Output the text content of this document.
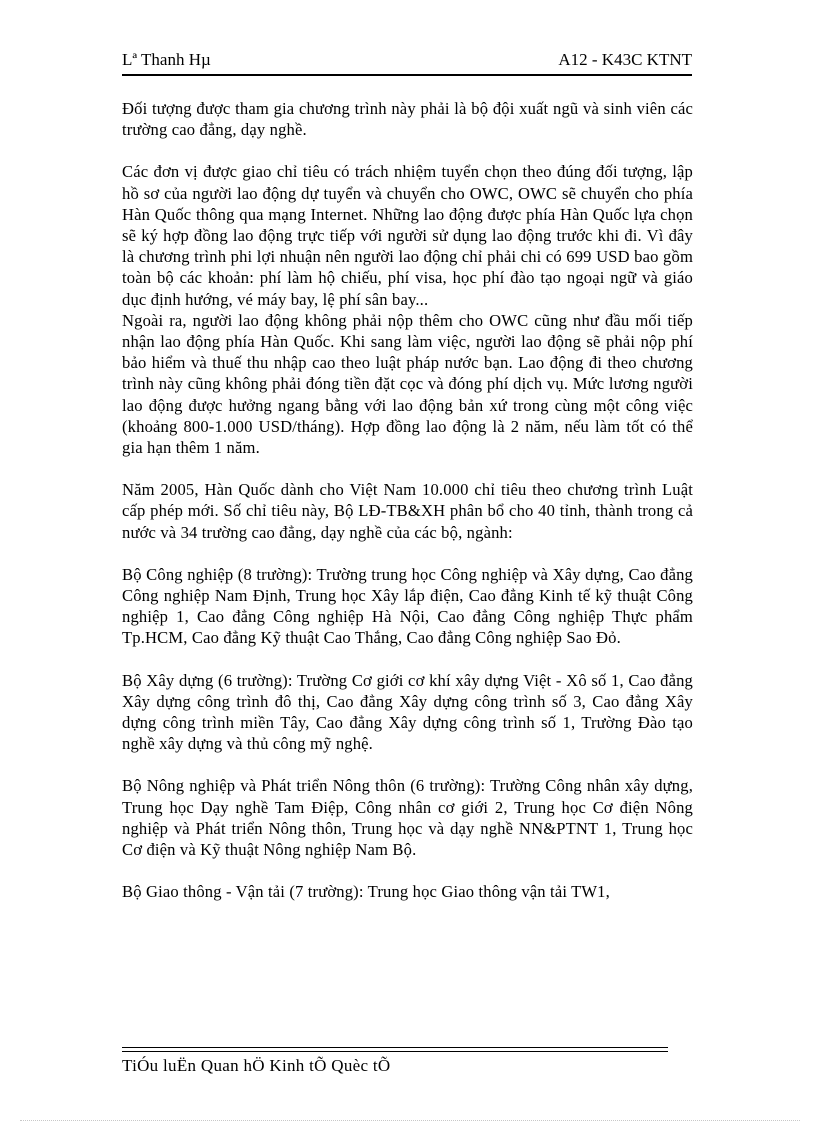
Lª Thanh Hµ	A12 - K43C KTNT

Đối tượng được tham gia chương trình này phải là bộ đội xuất ngũ và sinh viên các trường cao đẳng, dạy nghề.

Các đơn vị được giao chỉ tiêu có trách nhiệm tuyển chọn theo đúng đối tượng, lập hồ sơ của người lao động dự tuyển và chuyển cho OWC, OWC sẽ chuyển cho phía Hàn Quốc thông qua mạng Internet. Những lao động được phía Hàn Quốc lựa chọn sẽ ký hợp đồng lao động trực tiếp với người sử dụng lao động trước khi đi. Vì đây là chương trình phi lợi nhuận nên người lao động chỉ phải chi có 699 USD bao gồm toàn bộ các khoản: phí làm hộ chiếu, phí visa, học phí đào tạo ngoại ngữ và giáo dục định hướng, vé máy bay, lệ phí sân bay...

Ngoài ra, người lao động không phải nộp thêm cho OWC cũng như đầu mối tiếp nhận lao động phía Hàn Quốc. Khi sang làm việc, người lao động sẽ phải nộp phí bảo hiểm và thuế thu nhập cao theo luật pháp nước bạn. Lao động đi theo chương trình này cũng không phải đóng tiền đặt cọc và đóng phí dịch vụ. Mức lương người lao động được hưởng ngang bằng với lao động bản xứ trong cùng một công việc (khoảng 800-1.000 USD/tháng). Hợp đồng lao động là 2 năm, nếu làm tốt có thể gia hạn thêm 1 năm.

Năm 2005, Hàn Quốc dành cho Việt Nam 10.000 chỉ tiêu theo chương trình Luật cấp phép mới. Số chỉ tiêu này, Bộ LĐ-TB&XH phân bổ cho 40 tỉnh, thành trong cả nước và 34 trường cao đẳng, dạy nghề của các bộ, ngành:

Bộ Công nghiệp (8 trường): Trường trung học Công nghiệp và Xây dựng, Cao đẳng Công nghiệp Nam Định, Trung học Xây lắp điện, Cao đẳng Kinh tế kỹ thuật Công nghiệp 1, Cao đẳng Công nghiệp Hà Nội, Cao đẳng Công nghiệp Thực phẩm Tp.HCM, Cao đẳng Kỹ thuật Cao Thắng, Cao đẳng Công nghiệp Sao Đỏ.

Bộ Xây dựng (6 trường): Trường Cơ giới cơ khí xây dựng Việt - Xô số 1, Cao đẳng Xây dựng công trình đô thị, Cao đẳng Xây dựng công trình số 3, Cao đẳng Xây dựng công trình miền Tây, Cao đẳng Xây dựng công trình số 1, Trường Đào tạo nghề xây dựng và thủ công mỹ nghệ.

Bộ Nông nghiệp và Phát triển Nông thôn (6 trường): Trường Công nhân xây dựng, Trung học Dạy nghề Tam Điệp, Công nhân cơ giới 2, Trung học Cơ điện Nông nghiệp và Phát triển Nông thôn, Trung học và dạy nghề NN&PTNT 1, Trung học Cơ điện và Kỹ thuật Nông nghiệp Nam Bộ.

Bộ Giao thông - Vận tải (7 trường): Trung học Giao thông vận tải TW1,

TiÓu luËn Quan hÖ Kinh tÕ Quèc tÕ
